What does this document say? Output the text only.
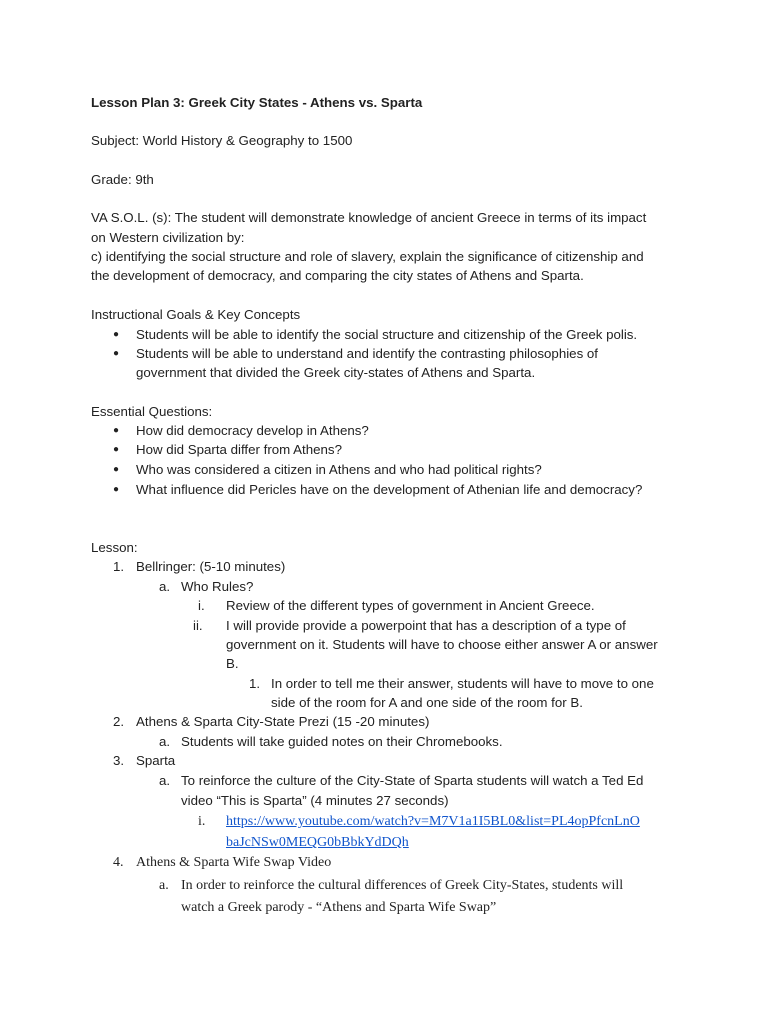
Lesson Plan 3: Greek City States - Athens vs. Sparta
Subject: World History & Geography to 1500
Grade: 9th
VA S.O.L. (s): The student will demonstrate knowledge of ancient Greece in terms of its impact
on Western civilization by:
c) identifying the social structure and role of slavery, explain the significance of citizenship and
the development of democracy, and comparing the city states of Athens and Sparta.
Instructional Goals & Key Concepts
● Students will be able to identify the social structure and citizenship of the Greek polis.
● Students will be able to understand and identify the contrasting philosophies of
government that divided the Greek city-states of Athens and Sparta.
Essential Questions:
● How did democracy develop in Athens?
● How did Sparta differ from Athens?
● Who was considered a citizen in Athens and who had political rights?
● What influence did Pericles have on the development of Athenian life and democracy?
Lesson:
1. Bellringer: (5-10 minutes)
a. Who Rules?
i. Review of the different types of government in Ancient Greece.
ii. I will provide provide a powerpoint that has a description of a type of
government on it. Students will have to choose either answer A or answer
B.
1. In order to tell me their answer, students will have to move to one
side of the room for A and one side of the room for B.
2. Athens & Sparta City-State Prezi (15 -20 minutes)
a. Students will take guided notes on their Chromebooks.
3. Sparta
a. To reinforce the culture of the City-State of Sparta students will watch a Ted Ed
video “This is Sparta” (4 minutes 27 seconds)
i. https://www.youtube.com/watch?v=M7V1a1I5BL0&list=PL4opPfcnLnO
baJcNSw0MEQG0bBbkYdDQh
4. Athens & Sparta Wife Swap Video
a. In order to reinforce the cultural differences of Greek City-States, students will
watch a Greek parody - “Athens and Sparta Wife Swap”
